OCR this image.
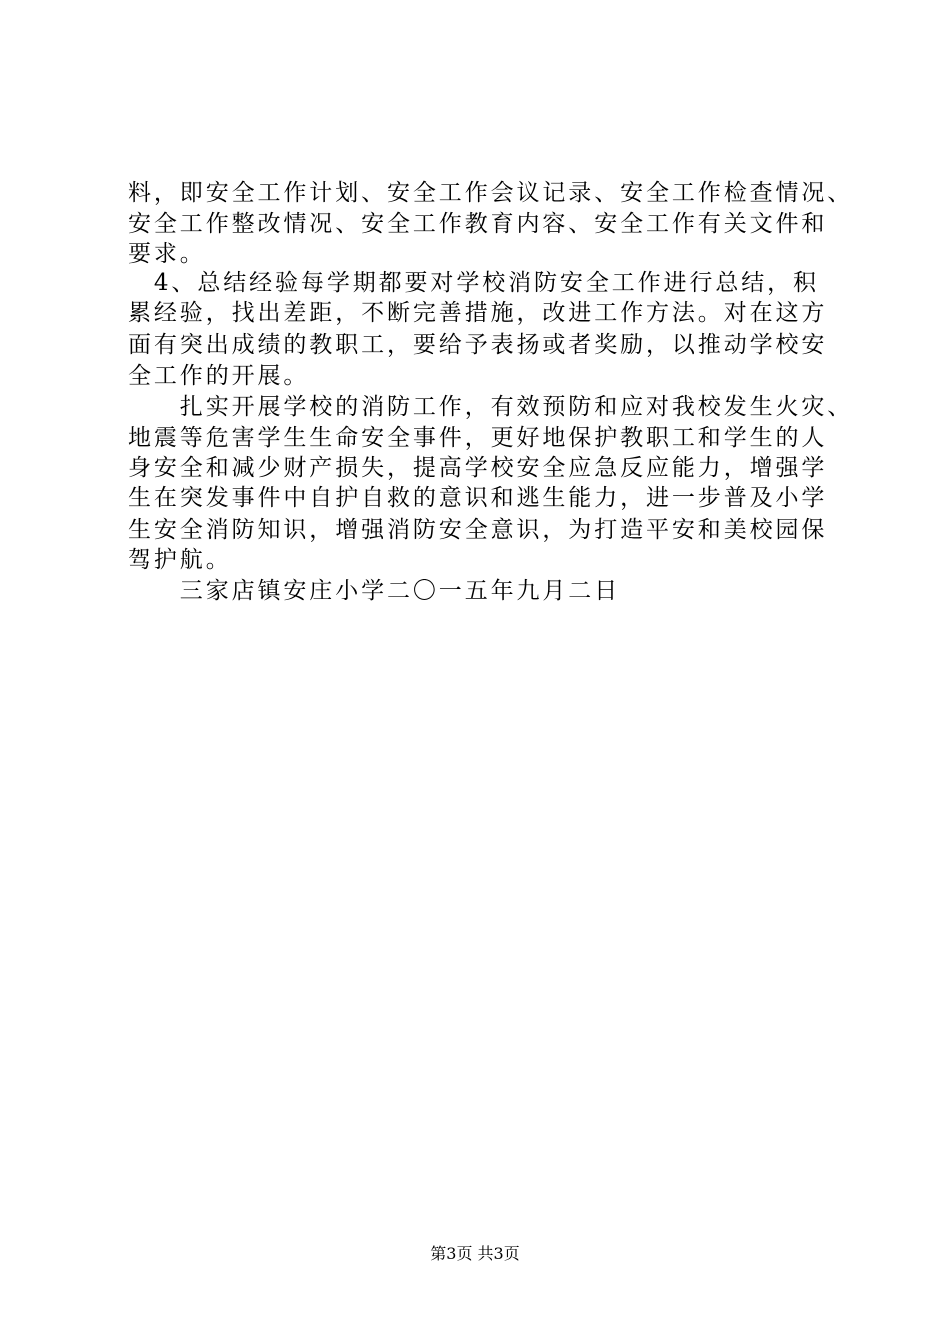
料，即安全工作计划、安全工作会议记录、安全工作检查情况、
安全工作整改情况、安全工作教育内容、安全工作有关文件和
要求。
　4、总结经验每学期都要对学校消防安全工作进行总结，积
累经验，找出差距，不断完善措施，改进工作方法。对在这方
面有突出成绩的教职工，要给予表扬或者奖励，以推动学校安
全工作的开展。
　　扎实开展学校的消防工作，有效预防和应对我校发生火灾、
地震等危害学生生命安全事件，更好地保护教职工和学生的人
身安全和减少财产损失，提高学校安全应急反应能力，增强学
生在突发事件中自护自救的意识和逃生能力，进一步普及小学
生安全消防知识，增强消防安全意识，为打造平安和美校园保
驾护航。
　　三家店镇安庄小学二〇一五年九月二日
第3页 共3页
